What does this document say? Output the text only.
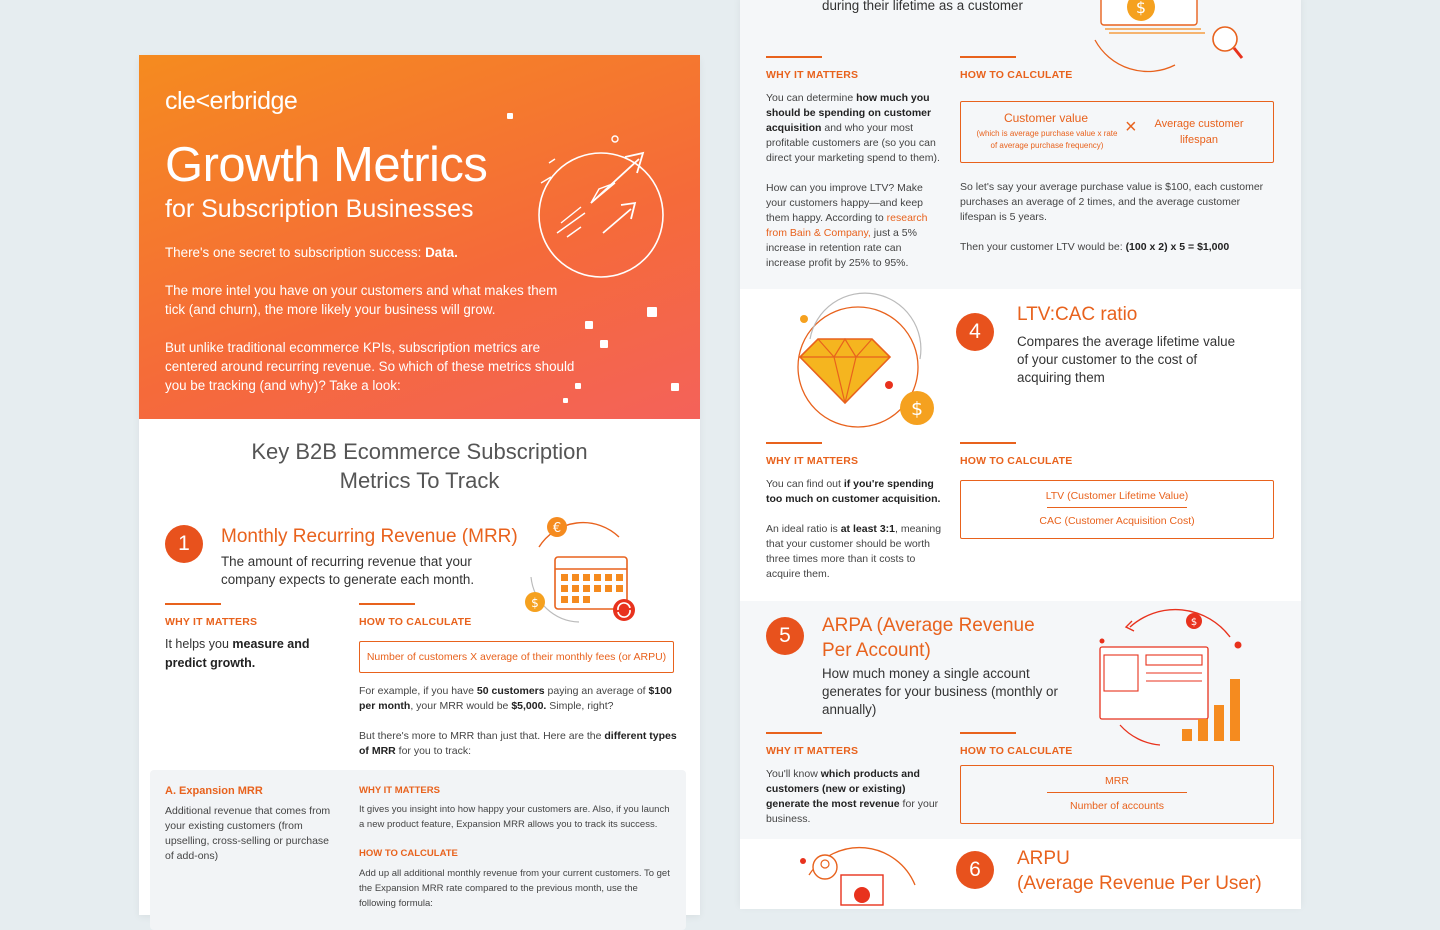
cle<erbridge
Growth Metrics
for Subscription Businesses

There's one secret to subscription success: Data.

The more intel you have on your customers and what makes them tick (and churn), the more likely your business will grow.

But unlike traditional ecommerce KPIs, subscription metrics are centered around recurring revenue. So which of these metrics should you be tracking (and why)? Take a look:

Key B2B Ecommerce Subscription
Metrics To Track
1	Monthly Recurring Revenue (MRR)
The amount of recurring revenue that your company expects to generate each month.
€
$
WHY IT MATTERS
It helps you measure and predict growth.
HOW TO CALCULATE
Number of customers X average of their monthly fees (or ARPU)
For example, if you have 50 customers paying an average of $100 per month, your MRR would be $5,000. Simple, right?
But there's more to MRR than just that. Here are the different types of MRR for you to track:
A. Expansion MRR
Additional revenue that comes from your existing customers (from upselling, cross-selling or purchase of add-ons)
WHY IT MATTERS
It gives you insight into how happy your customers are. Also, if you launch a new product feature, Expansion MRR allows you to track its success.
HOW TO CALCULATE
Add up all additional monthly revenue from your current customers. To get the Expansion MRR rate compared to the previous month, use the following formula:
during their lifetime as a customer	$
WHY IT MATTERS
You can determine how much you should be spending on customer acquisition and who your most profitable customers are (so you can direct your marketing spend to them).
How can you improve LTV? Make your customers happy—and keep them happy. According to research from Bain & Company, just a 5% increase in retention rate can increase profit by 25% to 95%.
HOW TO CALCULATE
Customer value
(which is average purchase value x rate of average purchase frequency)
×	Average customer lifespan
So let's say your average purchase value is $100, each customer purchases an average of 2 times, and the average customer lifespan is 5 years.
Then your customer LTV would be: (100 x 2) x 5 = $1,000
$
4
LTV:CAC ratio
Compares the average lifetime value of your customer to the cost of acquiring them
WHY IT MATTERS
You can find out if you're spending too much on customer acquisition.
An ideal ratio is at least 3:1, meaning that your customer should be worth three times more than it costs to acquire them.
HOW TO CALCULATE
LTV (Customer Lifetime Value)
CAC (Customer Acquisition Cost)
5	ARPA (Average Revenue
Per Account)
How much money a single account generates for your business (monthly or annually)
$
WHY IT MATTERS
You'll know which products and customers (new or existing) generate the most revenue for your business.
HOW TO CALCULATE
MRR
Number of accounts
6	ARPU
(Average Revenue Per User)
